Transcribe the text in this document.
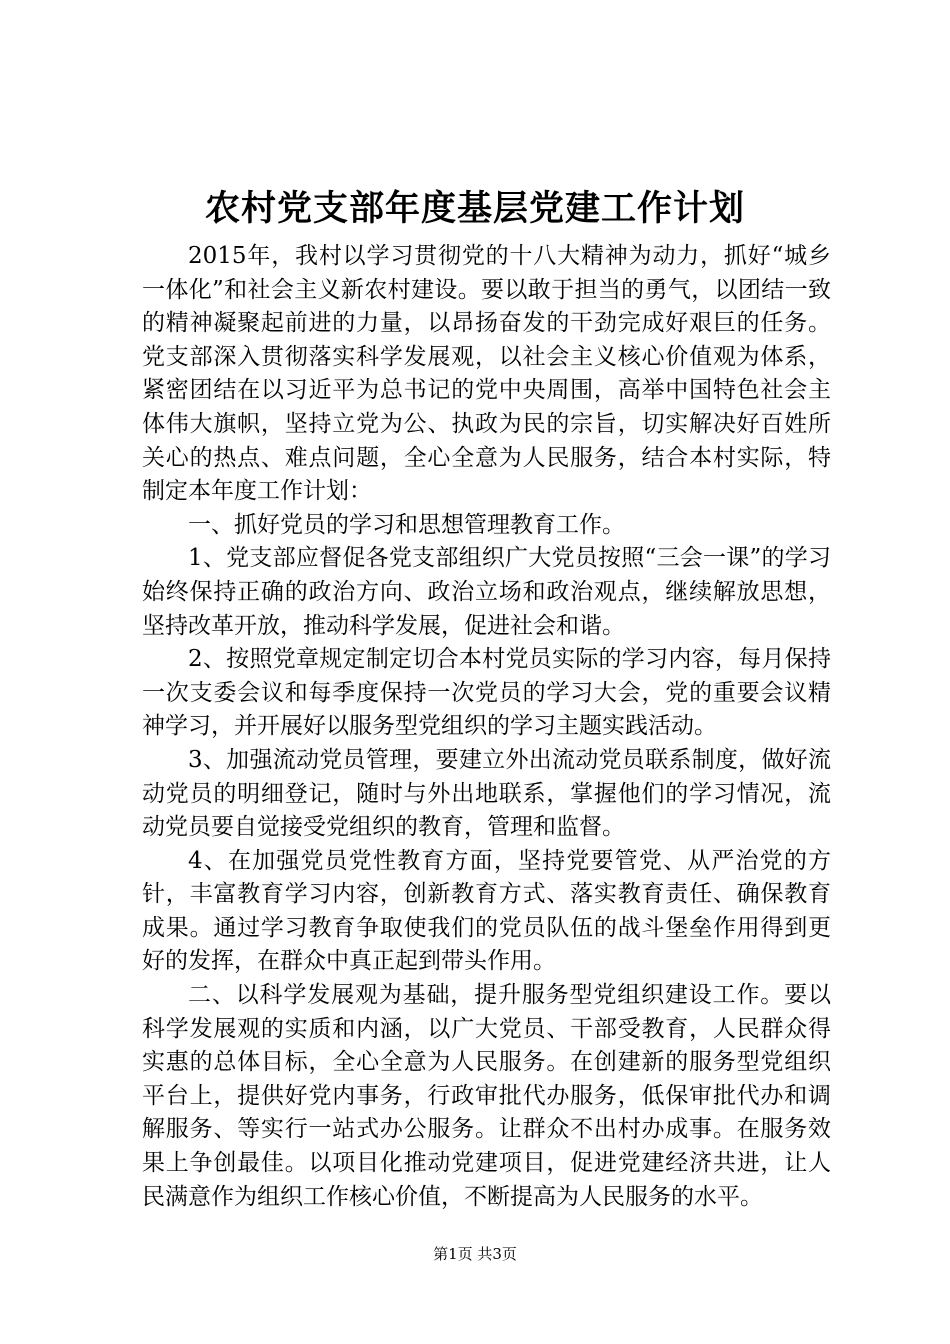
农村党支部年度基层党建工作计划

2015年，我村以学习贯彻党的十八大精神为动力，抓好“城乡一体化”和社会主义新农村建设。要以敢于担当的勇气，以团结一致的精神凝聚起前进的力量，以昂扬奋发的干劲完成好艰巨的任务。党支部深入贯彻落实科学发展观，以社会主义核心价值观为体系，紧密团结在以习近平为总书记的党中央周围，高举中国特色社会主体伟大旗帜，坚持立党为公、执政为民的宗旨，切实解决好百姓所关心的热点、难点问题，全心全意为人民服务，结合本村实际，特制定本年度工作计划：

一、抓好党员的学习和思想管理教育工作。

1、党支部应督促各党支部组织广大党员按照“三会一课”的学习始终保持正确的政治方向、政治立场和政治观点，继续解放思想，坚持改革开放，推动科学发展，促进社会和谐。

2、按照党章规定制定切合本村党员实际的学习内容，每月保持一次支委会议和每季度保持一次党员的学习大会，党的重要会议精神学习，并开展好以服务型党组织的学习主题实践活动。

3、加强流动党员管理，要建立外出流动党员联系制度，做好流动党员的明细登记，随时与外出地联系，掌握他们的学习情况，流动党员要自觉接受党组织的教育，管理和监督。

4、在加强党员党性教育方面，坚持党要管党、从严治党的方针，丰富教育学习内容，创新教育方式、落实教育责任、确保教育成果。通过学习教育争取使我们的党员队伍的战斗堡垒作用得到更好的发挥，在群众中真正起到带头作用。

二、以科学发展观为基础，提升服务型党组织建设工作。要以科学发展观的实质和内涵，以广大党员、干部受教育，人民群众得实惠的总体目标，全心全意为人民服务。在创建新的服务型党组织平台上，提供好党内事务，行政审批代办服务，低保审批代办和调解服务、等实行一站式办公服务。让群众不出村办成事。在服务效果上争创最佳。以项目化推动党建项目，促进党建经济共进，让人民满意作为组织工作核心价值，不断提高为人民服务的水平。

第1页 共3页
